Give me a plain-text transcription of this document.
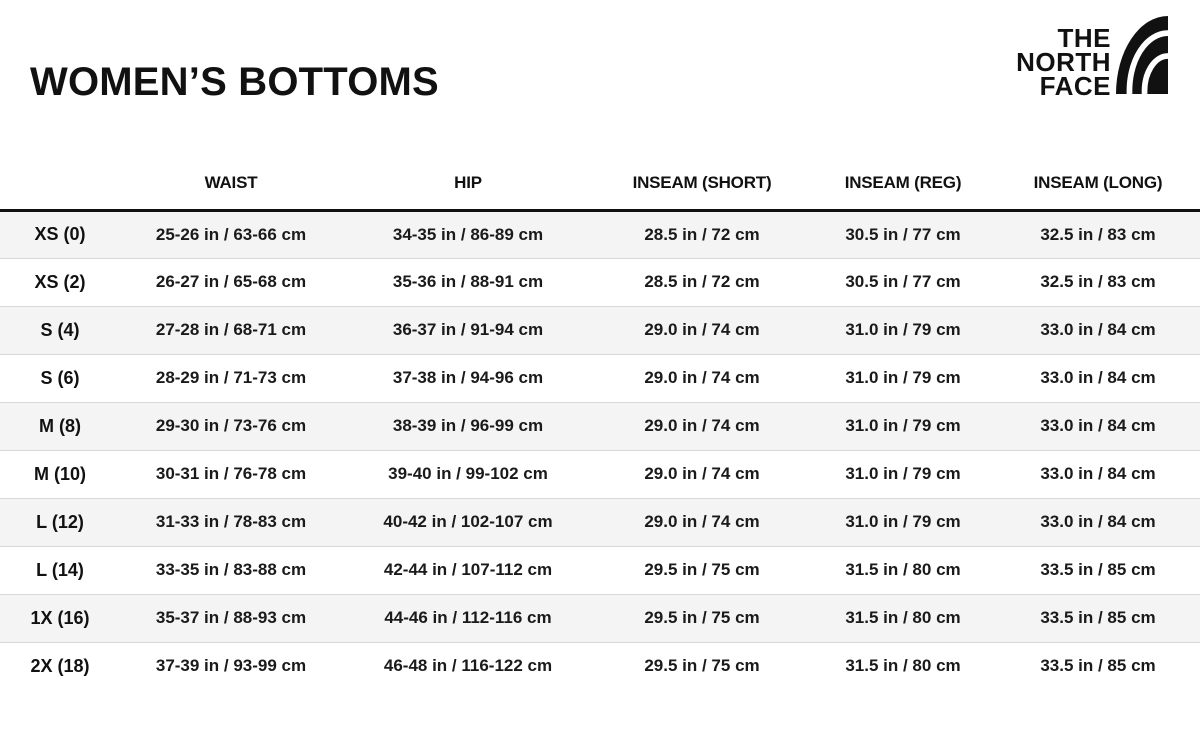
WOMEN’S BOTTOMS
THE
NORTH
FACE
	WAIST	HIP	INSEAM (SHORT)	INSEAM (REG)	INSEAM (LONG)
XS (0)	25-26 in / 63-66 cm	34-35 in / 86-89 cm	28.5 in / 72 cm	30.5 in / 77 cm	32.5 in / 83 cm
XS (2)	26-27 in / 65-68 cm	35-36 in / 88-91 cm	28.5 in / 72 cm	30.5 in / 77 cm	32.5 in / 83 cm
S (4)	27-28 in / 68-71 cm	36-37 in / 91-94 cm	29.0 in / 74 cm	31.0 in / 79 cm	33.0 in / 84 cm
S (6)	28-29 in / 71-73 cm	37-38 in / 94-96 cm	29.0 in / 74 cm	31.0 in / 79 cm	33.0 in / 84 cm
M (8)	29-30 in / 73-76 cm	38-39 in / 96-99 cm	29.0 in / 74 cm	31.0 in / 79 cm	33.0 in / 84 cm
M (10)	30-31 in / 76-78 cm	39-40 in / 99-102 cm	29.0 in / 74 cm	31.0 in / 79 cm	33.0 in / 84 cm
L (12)	31-33 in / 78-83 cm	40-42 in / 102-107 cm	29.0 in / 74 cm	31.0 in / 79 cm	33.0 in / 84 cm
L (14)	33-35 in / 83-88 cm	42-44 in / 107-112 cm	29.5 in / 75 cm	31.5 in / 80 cm	33.5 in / 85 cm
1X (16)	35-37 in / 88-93 cm	44-46 in / 112-116 cm	29.5 in / 75 cm	31.5 in / 80 cm	33.5 in / 85 cm
2X (18)	37-39 in / 93-99 cm	46-48 in / 116-122 cm	29.5 in / 75 cm	31.5 in / 80 cm	33.5 in / 85 cm
